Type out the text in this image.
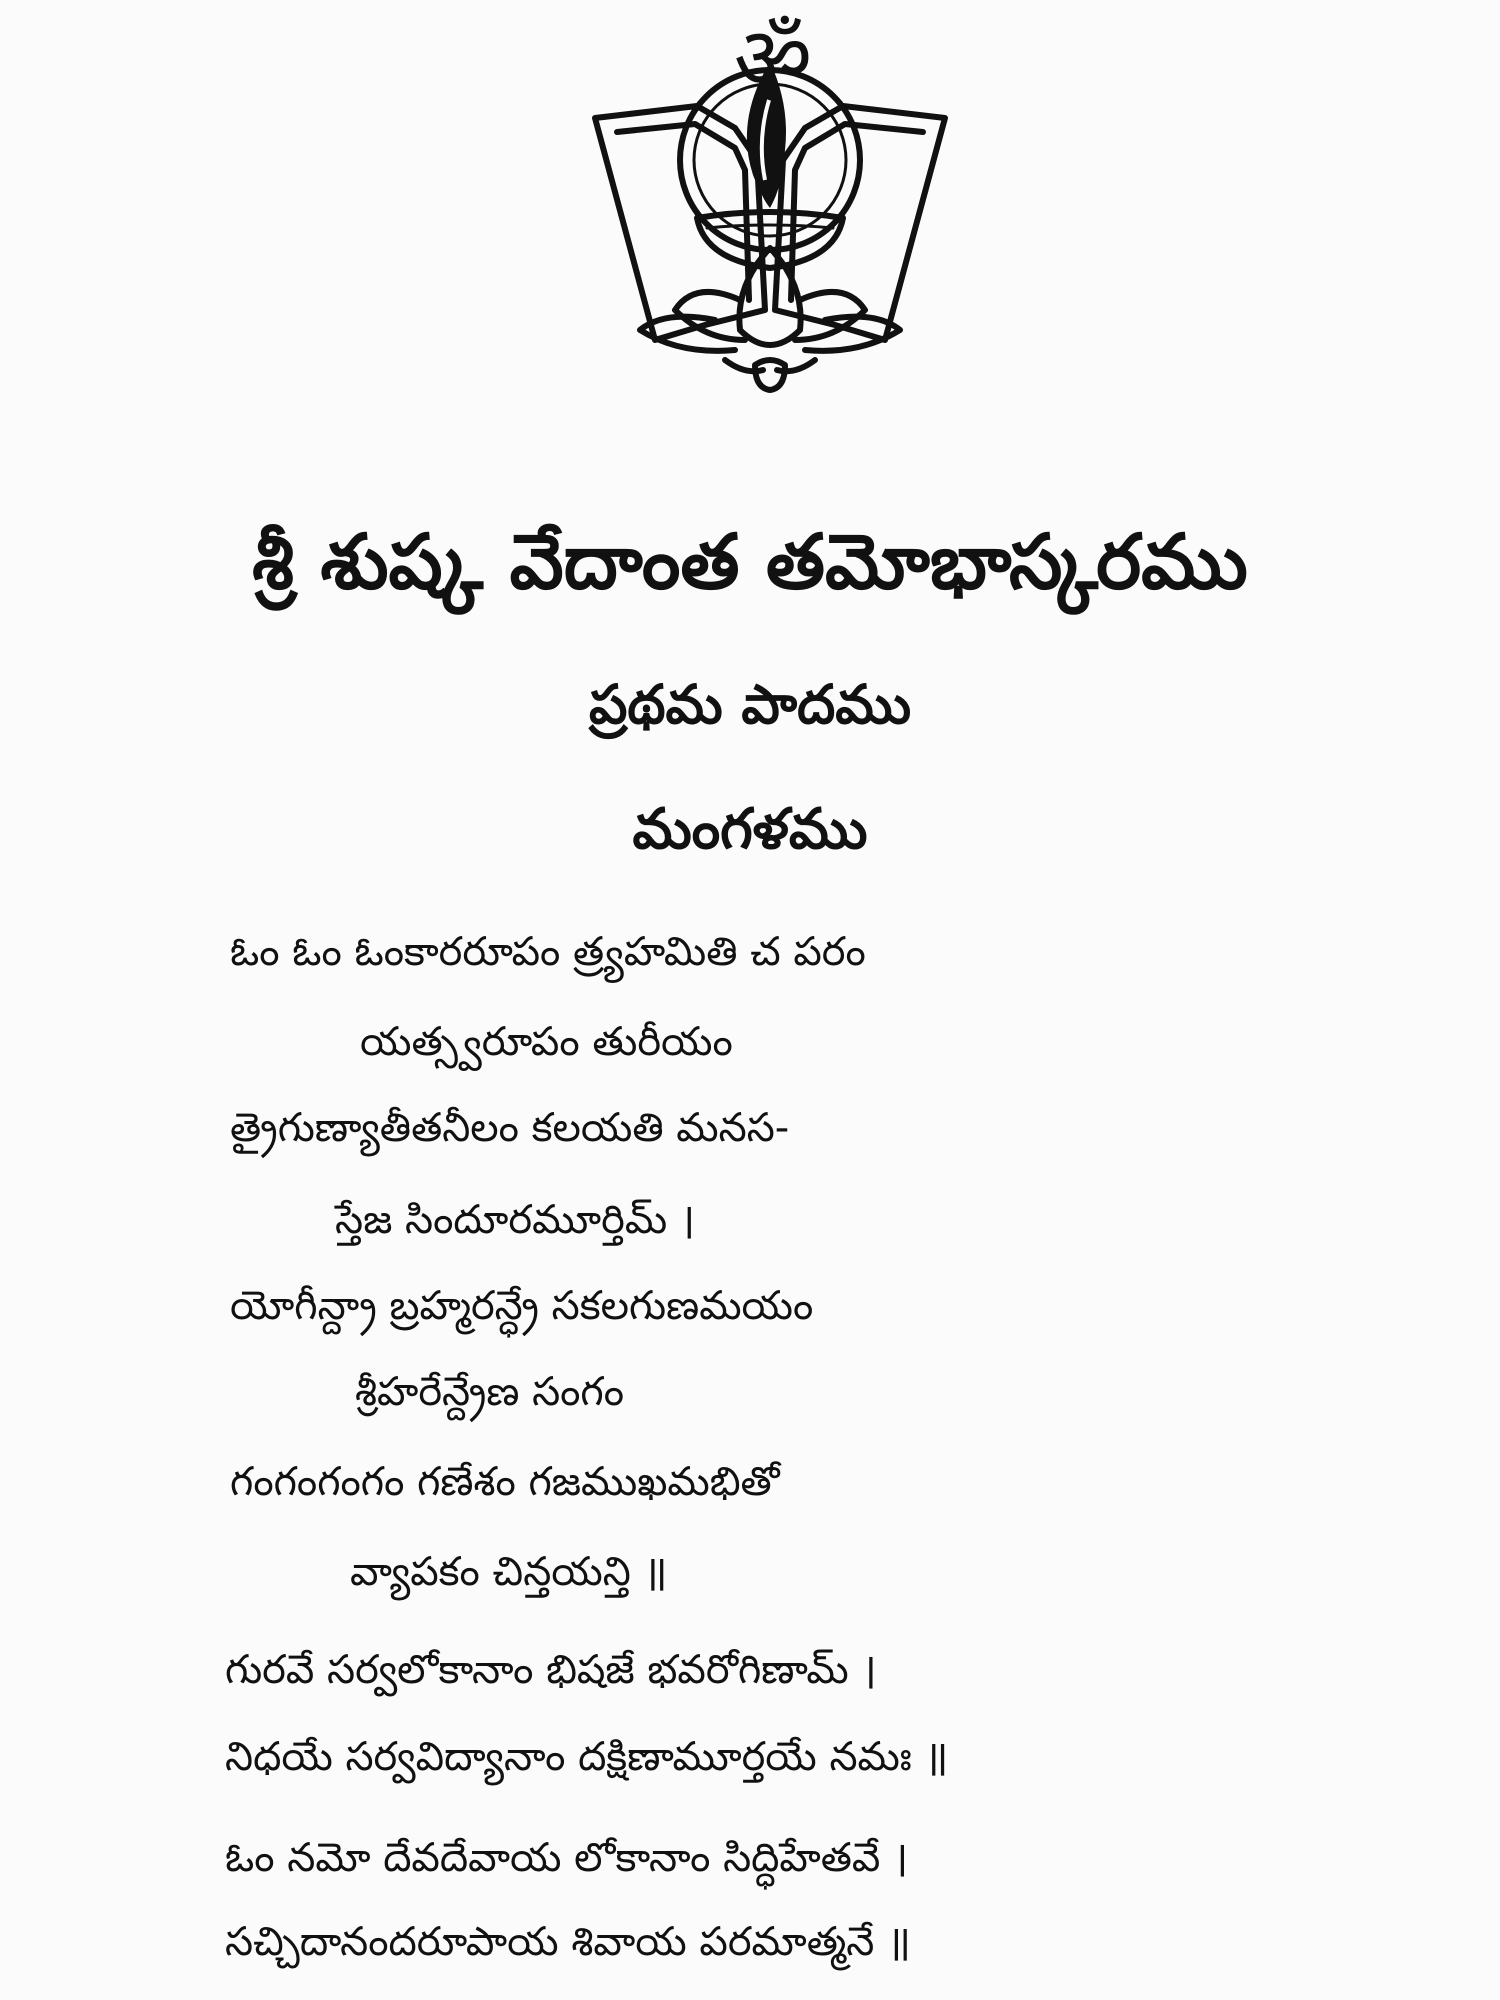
ॐ
శ్రీ శుష్క వేదాంత తమోభాస్కరము
ప్రథమ పాదము
మంగళము
ఓం ఓం ఓంకారరూపం త్ర్యహమితి చ పరం
యత్స్వరూపం తురీయం
త్రైగుణ్యాతీతనీలం కలయతి మనస-
స్తేజ సిందూరమూర్తిమ్ ।
యోగీన్ద్రా బ్రహ్మరన్ధ్రే సకలగుణమయం
శ్రీహరేన్ద్రేణ సంగం
గంగంగంగం గణేశం గజముఖమభితో
వ్యాపకం చిన్తయన్తి ॥
గురవే సర్వలోకానాం భిషజే భవరోగిణామ్ ।
నిధయే సర్వవిద్యానాం దక్షిణామూర్తయే నమః ॥
ఓం నమో దేవదేవాయ లోకానాం సిద్ధిహేతవే ।
సచ్చిదానందరూపాయ శివాయ పరమాత్మనే ॥
